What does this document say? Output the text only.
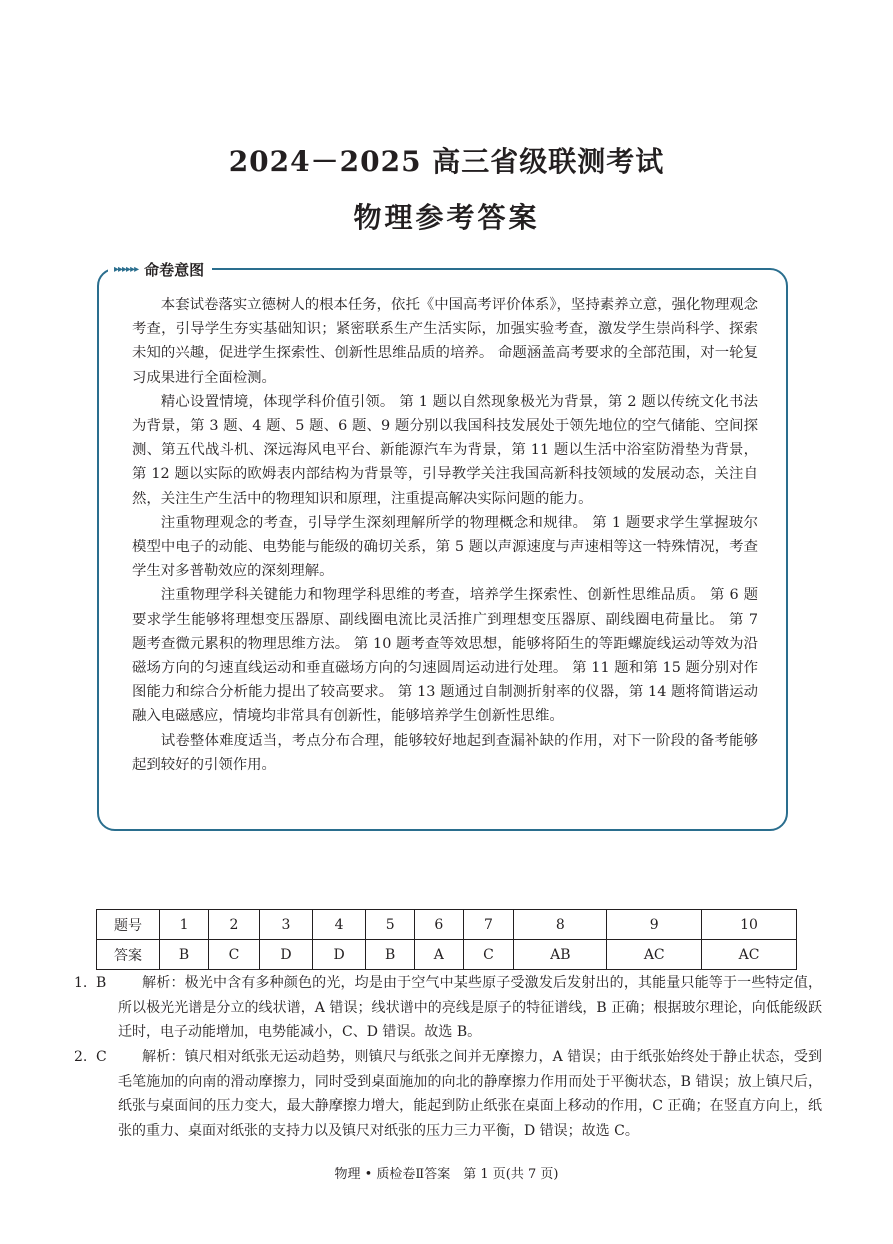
2024－2025 高三省级联测考试
物理参考答案
▸▸▸▸▸▸ 命卷意图

本套试卷落实立德树人的根本任务，依托《中国高考评价体系》，坚持素养立意，强化物理观念考查，引导学生夯实基础知识；紧密联系生产生活实际，加强实验考查，激发学生崇尚科学、探索未知的兴趣，促进学生探索性、创新性思维品质的培养。 命题涵盖高考要求的全部范围，对一轮复习成果进行全面检测。

精心设置情境，体现学科价值引领。 第 1 题以自然现象极光为背景，第 2 题以传统文化书法为背景，第 3 题、4 题、5 题、6 题、9 题分别以我国科技发展处于领先地位的空气储能、空间探测、第五代战斗机、深远海风电平台、新能源汽车为背景，第 11 题以生活中浴室防滑垫为背景，第 12 题以实际的欧姆表内部结构为背景等，引导教学关注我国高新科技领域的发展动态，关注自然，关注生产生活中的物理知识和原理，注重提高解决实际问题的能力。

注重物理观念的考查，引导学生深刻理解所学的物理概念和规律。 第 1 题要求学生掌握玻尔模型中电子的动能、电势能与能级的确切关系，第 5 题以声源速度与声速相等这一特殊情况，考查学生对多普勒效应的深刻理解。

注重物理学科关键能力和物理学科思维的考查，培养学生探索性、创新性思维品质。 第 6 题要求学生能够将理想变压器原、副线圈电流比灵活推广到理想变压器原、副线圈电荷量比。 第 7 题考查微元累积的物理思维方法。 第 10 题考查等效思想，能够将陌生的等距螺旋线运动等效为沿磁场方向的匀速直线运动和垂直磁场方向的匀速圆周运动进行处理。 第 11 题和第 15 题分别对作图能力和综合分析能力提出了较高要求。 第 13 题通过自制测折射率的仪器，第 14 题将简谐运动融入电磁感应，情境均非常具有创新性，能够培养学生创新性思维。

试卷整体难度适当，考点分布合理，能够较好地起到查漏补缺的作用，对下一阶段的备考能够起到较好的引领作用。

题号	1	2	3	4	5	6	7	8	9	10
答案	B	C	D	D	B	A	C	AB	AC	AC
1. B	解析：极光中含有多种颜色的光，均是由于空气中某些原子受激发后发射出的，其能量只能等于一些特定值，所以极光光谱是分立的线状谱，A 错误；线状谱中的亮线是原子的特征谱线，B 正确；根据玻尔理论，向低能级跃迁时，电子动能增加，电势能减小，C、D 错误。故选 B。
2. C	解析：镇尺相对纸张无运动趋势，则镇尺与纸张之间并无摩擦力，A 错误；由于纸张始终处于静止状态，受到毛笔施加的向南的滑动摩擦力，同时受到桌面施加的向北的静摩擦力作用而处于平衡状态，B 错误；放上镇尺后，纸张与桌面间的压力变大，最大静摩擦力增大，能起到防止纸张在桌面上移动的作用，C 正确；在竖直方向上，纸张的重力、桌面对纸张的支持力以及镇尺对纸张的压力三力平衡，D 错误；故选 C。
物理 • 质检卷Ⅱ答案　第 1 页(共 7 页)
